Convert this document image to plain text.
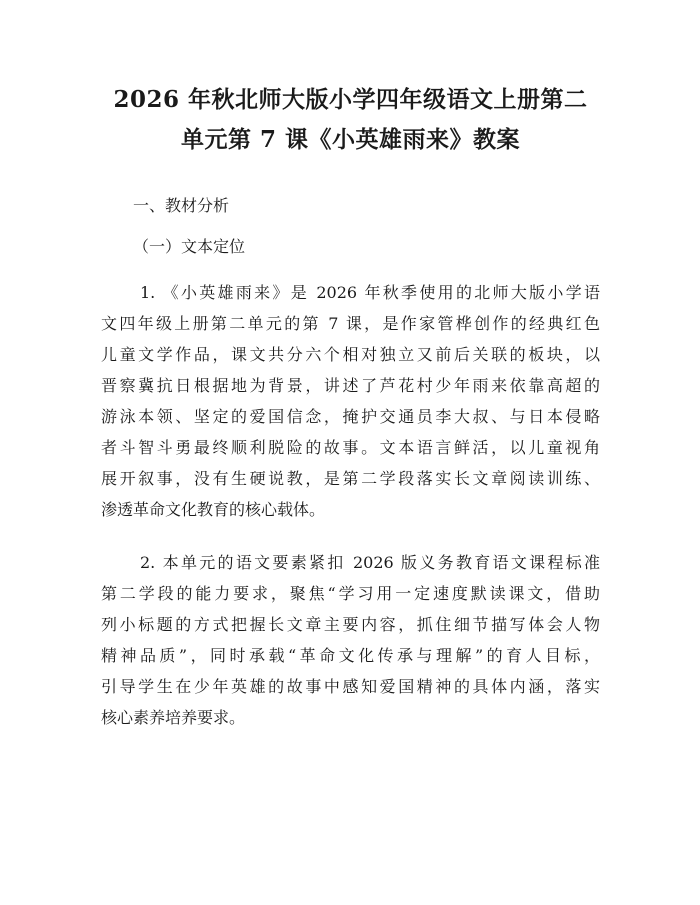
2026 年秋北师大版小学四年级语文上册第二
单元第 7 课《小英雄雨来》教案
一、教材分析
（一）文本定位
1. 《小英雄雨来》是 2026 年秋季使用的北师大版小学语
文四年级上册第二单元的第 7 课，是作家管桦创作的经典红色
儿童文学作品，课文共分六个相对独立又前后关联的板块，以
晋察冀抗日根据地为背景，讲述了芦花村少年雨来依靠高超的
游泳本领、坚定的爱国信念，掩护交通员李大叔、与日本侵略
者斗智斗勇最终顺利脱险的故事。文本语言鲜活，以儿童视角
展开叙事，没有生硬说教，是第二学段落实长文章阅读训练、
渗透革命文化教育的核心载体。
2. 本单元的语文要素紧扣 2026 版义务教育语文课程标准
第二学段的能力要求，聚焦“学习用一定速度默读课文，借助
列小标题的方式把握长文章主要内容，抓住细节描写体会人物
精神品质”，同时承载“革命文化传承与理解”的育人目标，
引导学生在少年英雄的故事中感知爱国精神的具体内涵，落实
核心素养培养要求。
